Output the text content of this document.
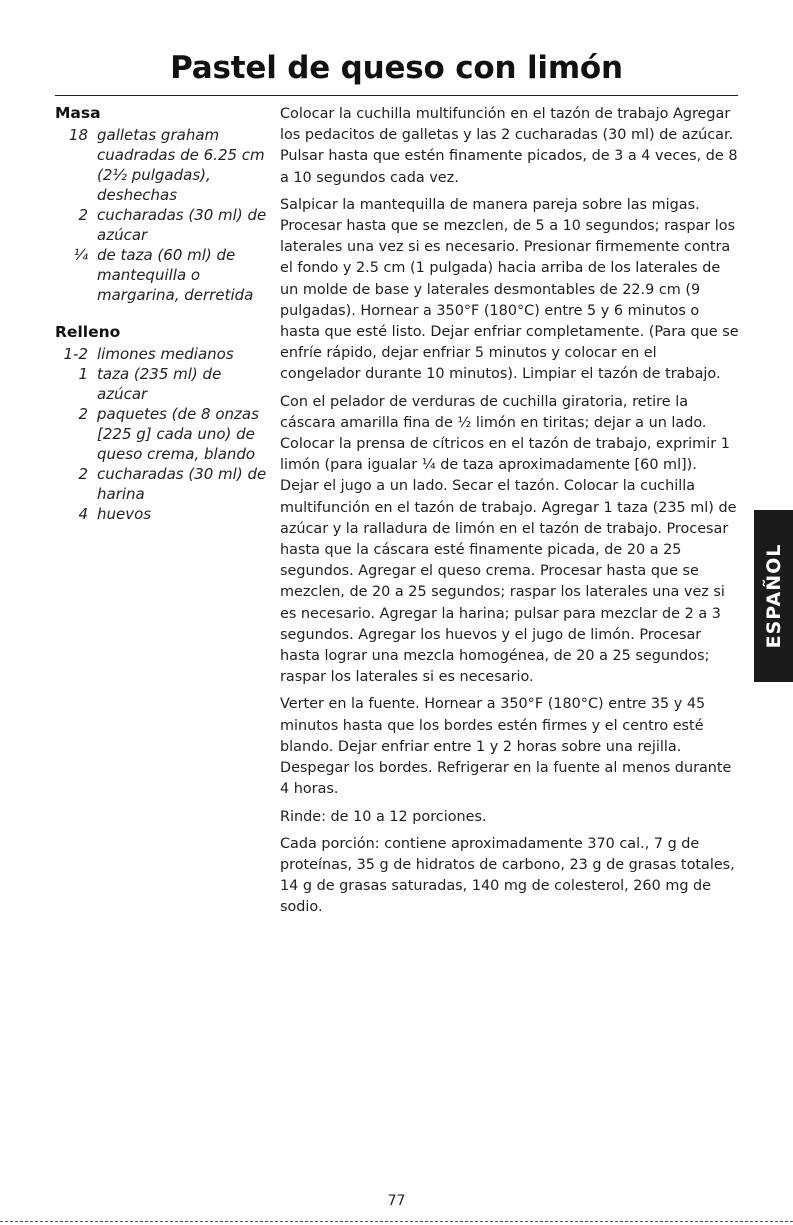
Pastel de queso con limón
Masa
18 galletas graham cuadradas de 6.25 cm (2½ pulgadas), deshechas
2 cucharadas (30 ml) de azúcar
¼ de taza (60 ml) de mantequilla o margarina, derretida
Relleno
1-2 limones medianos
1 taza (235 ml) de azúcar
2 paquetes (de 8 onzas [225 g] cada uno) de queso crema, blando
2 cucharadas (30 ml) de harina
4 huevos

Colocar la cuchilla multifunción en el tazón de trabajo Agregar los pedacitos de galletas y las 2 cucharadas (30 ml) de azúcar. Pulsar hasta que estén finamente picados, de 3 a 4 veces, de 8 a 10 segundos cada vez.

Salpicar la mantequilla de manera pareja sobre las migas. Procesar hasta que se mezclen, de 5 a 10 segundos; raspar los laterales una vez si es necesario. Presionar firmemente contra el fondo y 2.5 cm (1 pulgada) hacia arriba de los laterales de un molde de base y laterales desmontables de 22.9 cm (9 pulgadas). Hornear a 350°F (180°C) entre 5 y 6 minutos o hasta que esté listo. Dejar enfriar completamente. (Para que se enfríe rápido, dejar enfriar 5 minutos y colocar en el congelador durante 10 minutos). Limpiar el tazón de trabajo.

Con el pelador de verduras de cuchilla giratoria, retire la cáscara amarilla fina de ½ limón en tiritas; dejar a un lado. Colocar la prensa de cítricos en el tazón de trabajo, exprimir 1 limón (para igualar ¼ de taza aproximadamente [60 ml]). Dejar el jugo a un lado. Secar el tazón. Colocar la cuchilla multifunción en el tazón de trabajo. Agregar 1 taza (235 ml) de azúcar y la ralladura de limón en el tazón de trabajo. Procesar hasta que la cáscara esté finamente picada, de 20 a 25 segundos. Agregar el queso crema. Procesar hasta que se mezclen, de 20 a 25 segundos; raspar los laterales una vez si es necesario. Agregar la harina; pulsar para mezclar de 2 a 3 segundos. Agregar los huevos y el jugo de limón. Procesar hasta lograr una mezcla homogénea, de 20 a 25 segundos; raspar los laterales si es necesario.

Verter en la fuente. Hornear a 350°F (180°C) entre 35 y 45 minutos hasta que los bordes estén firmes y el centro esté blando. Dejar enfriar entre 1 y 2 horas sobre una rejilla. Despegar los bordes. Refrigerar en la fuente al menos durante 4 horas.

Rinde: de 10 a 12 porciones.

Cada porción: contiene aproximadamente 370 cal., 7 g de proteínas, 35 g de hidratos de carbono, 23 g de grasas totales, 14 g de grasas saturadas, 140 mg de colesterol, 260 mg de sodio.

ESPAÑOL
77
